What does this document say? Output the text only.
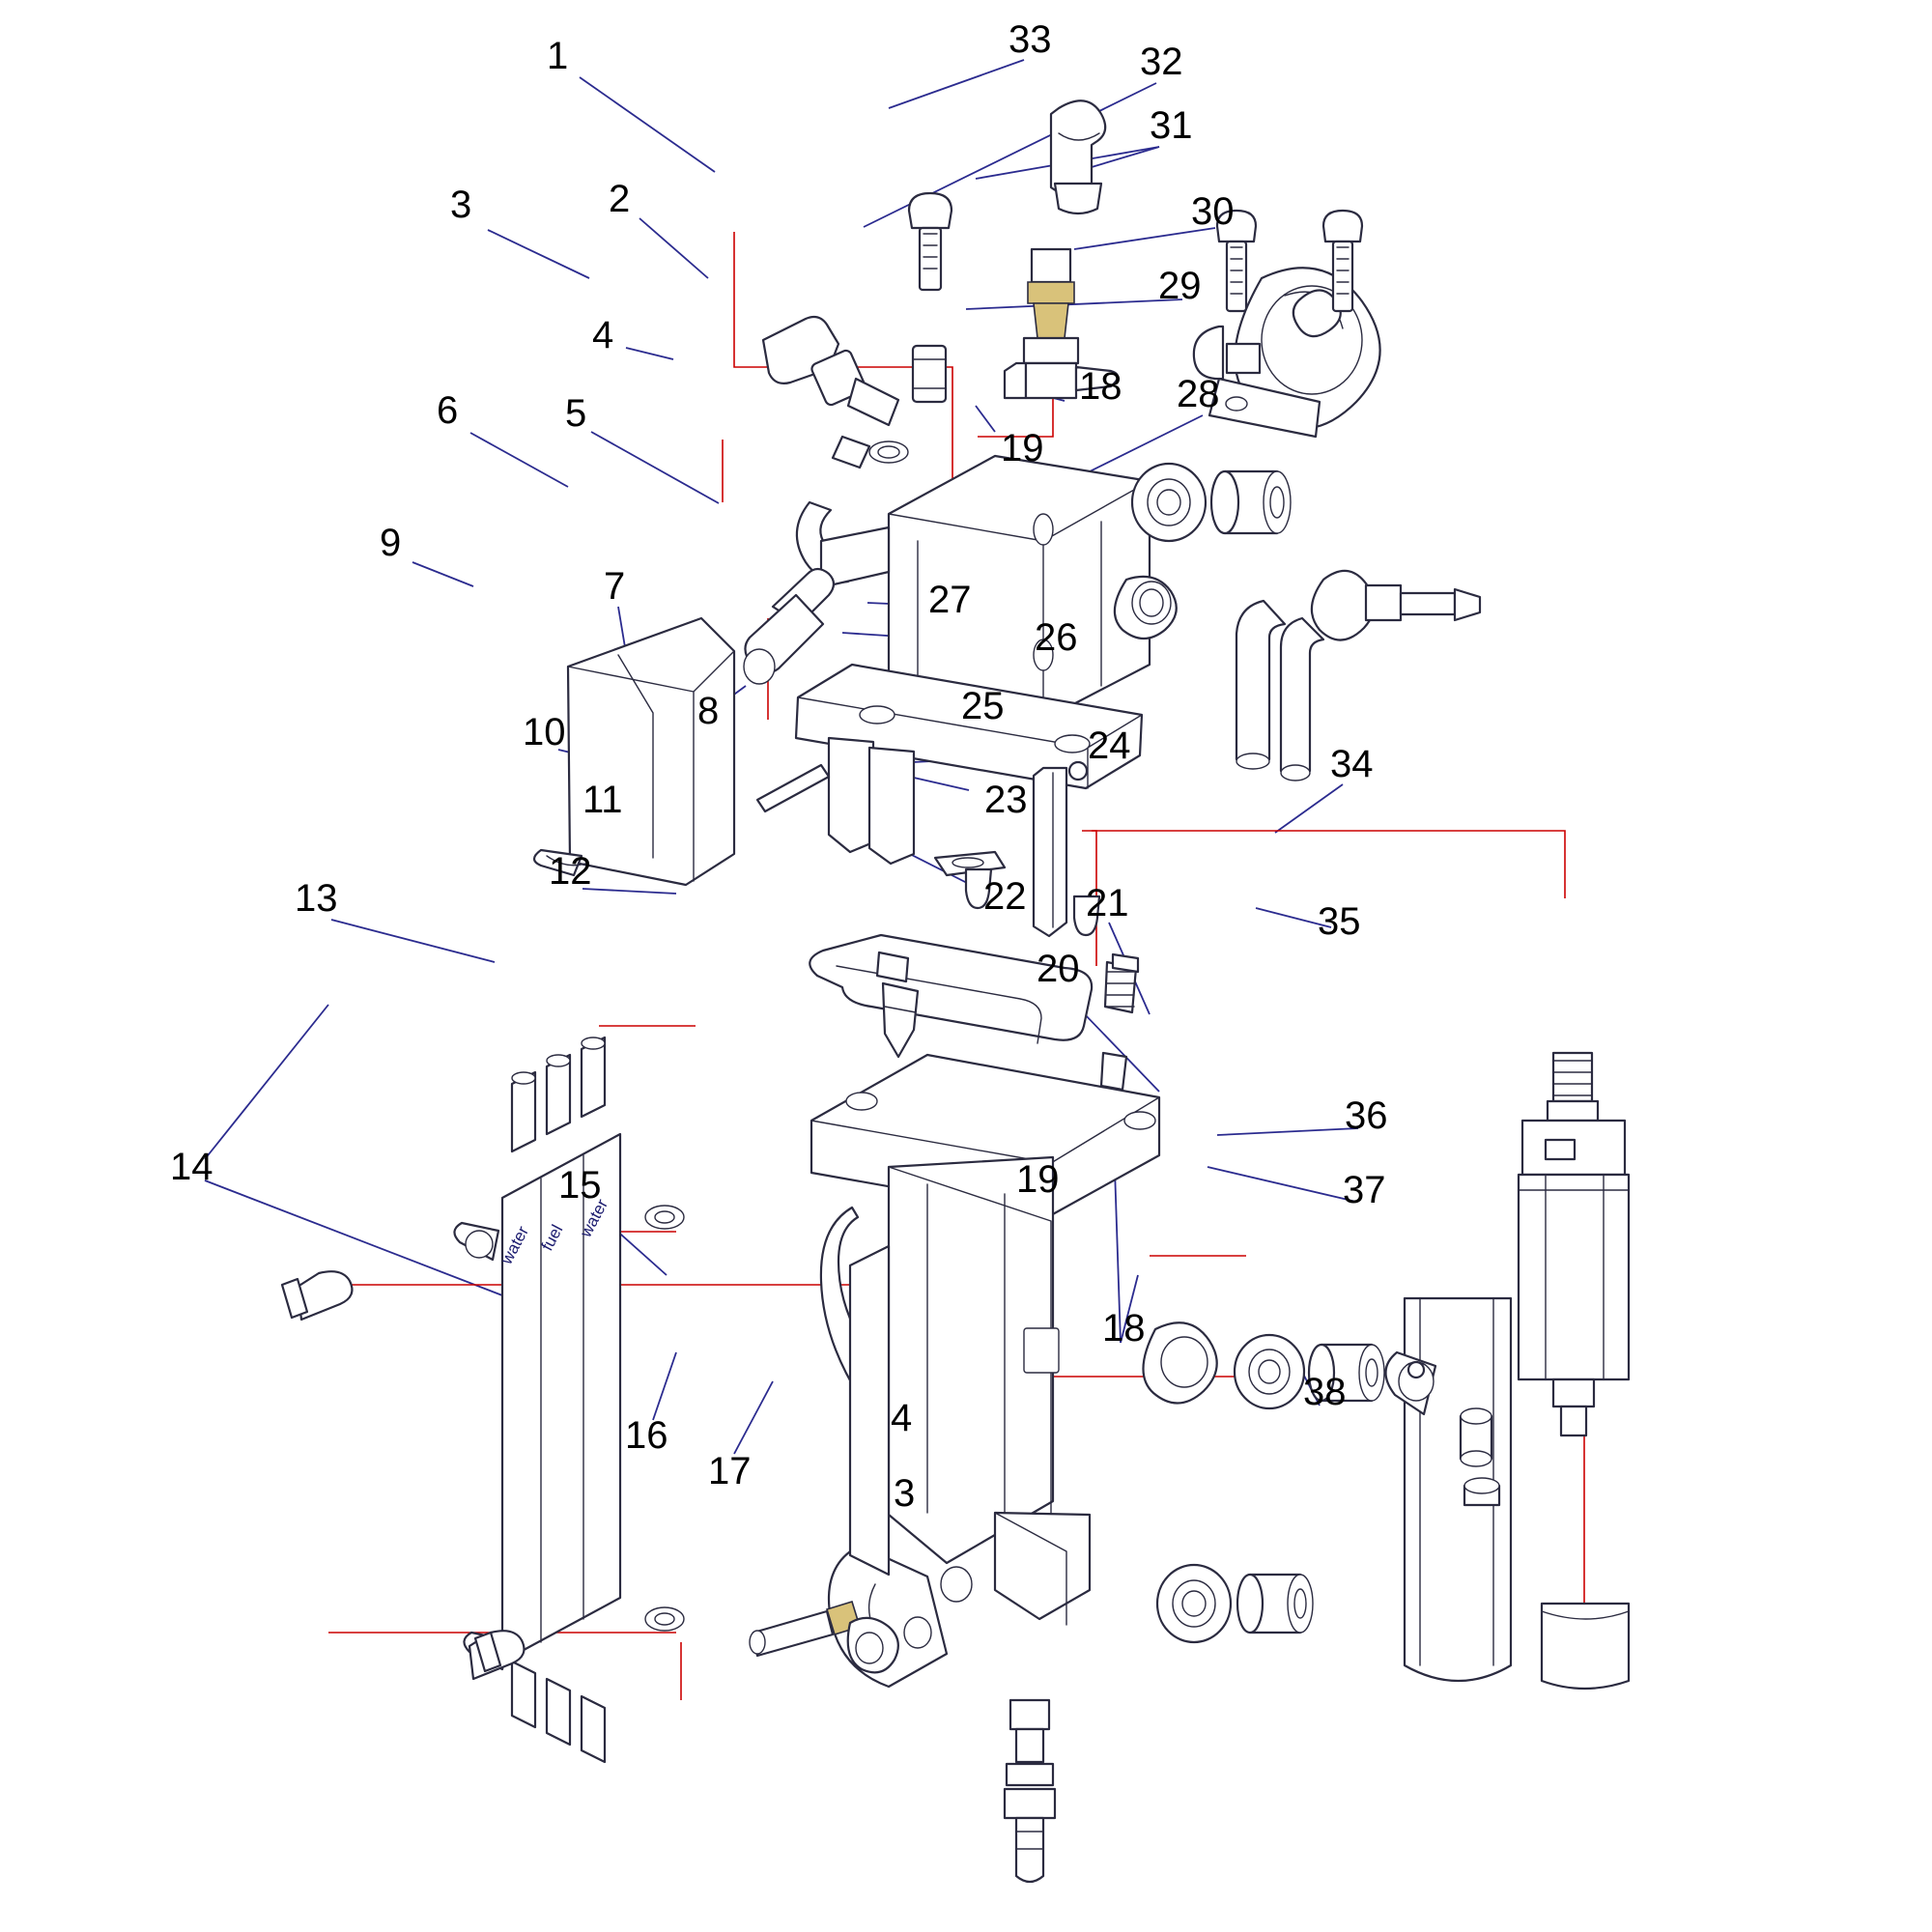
water fuel water
1
2
3
4
5
6
7
8
9
10
11
12
13
14	15
16
17
18
19
20
21
22
23
24
25
26
27
28
29
30
31
32
33
34
35
36
37
38
4
3
18
19
